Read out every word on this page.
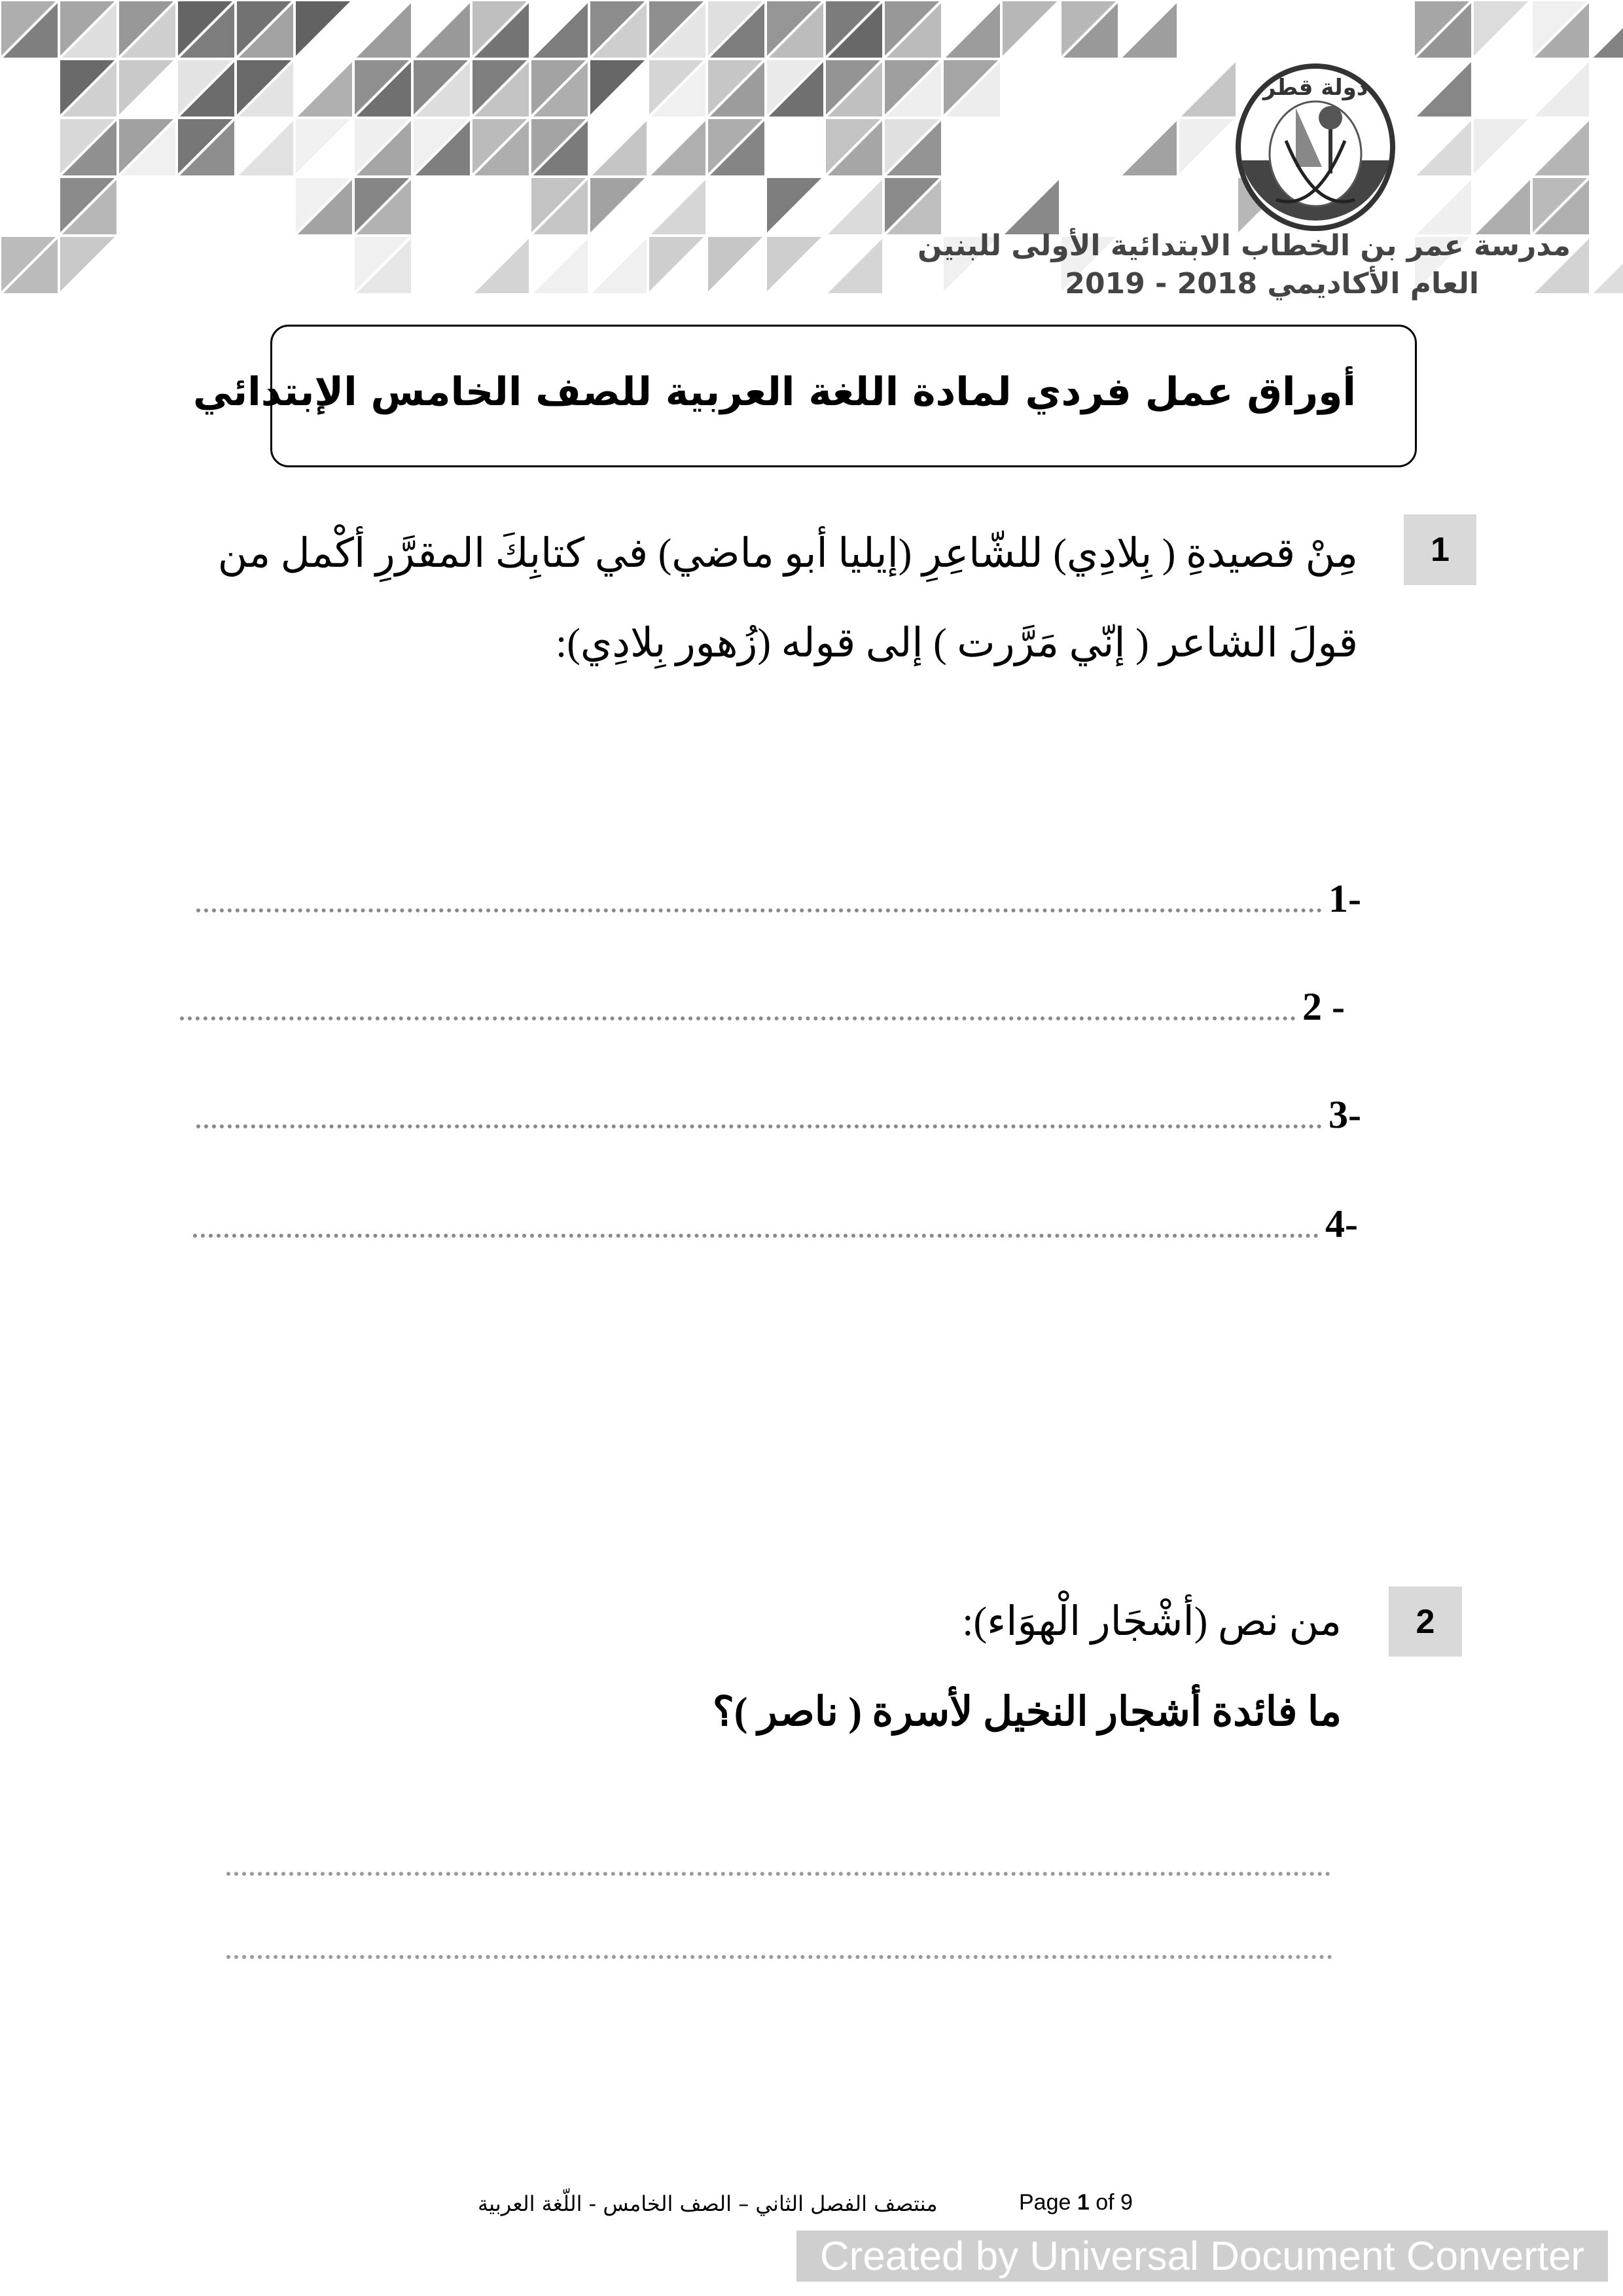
دولة قطر
مدرسة عمر بن الخطاب الابتدائية الأولى للبنين
العام الأكاديمي 2018 - 2019
أوراق عمل فردي لمادة اللغة العربية للصف الخامس الإبتدائي
1
مِنْ قصيدةِ ( بِلادِي) للشّاعِرِ (إيليا أبو ماضي) في كتابِكَ المقرَّرِ أكْمل من
قولَ الشاعر ( إنّي مَرَّرت ) إلى قوله (زُهور بِلادِي):
1-
2 -
3-
4-
2
من نص (أشْجَار الْهوَاء):
ما فائدة أشجار النخيل لأسرة ( ناصر )؟
منتصف الفصل الثاني – الصف الخامس - اللّغة العربية	Page 1 of 9
Created by Universal Document Converter
